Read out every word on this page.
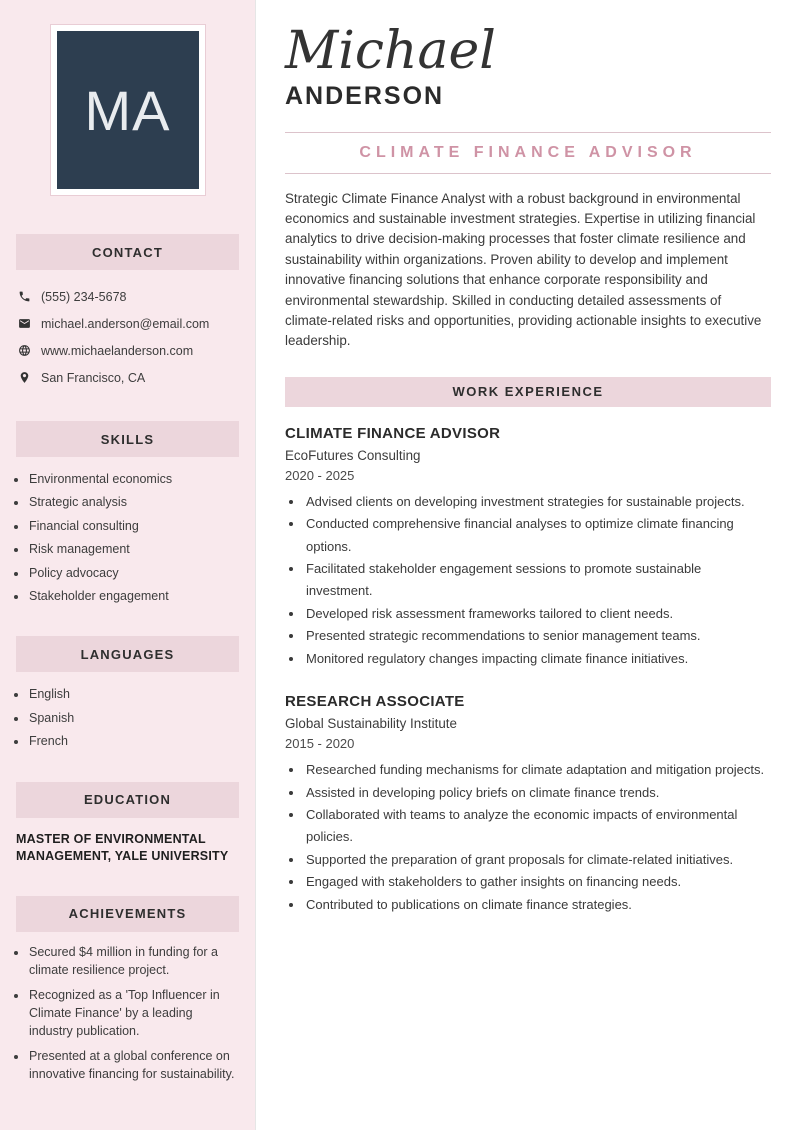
MA
CONTACT
(555) 234-5678
michael.anderson@email.com
www.michaelanderson.com
San Francisco, CA
SKILLS
• Environmental economics
• Strategic analysis
• Financial consulting
• Risk management
• Policy advocacy
• Stakeholder engagement
LANGUAGES
• English
• Spanish
• French
EDUCATION
MASTER OF ENVIRONMENTAL MANAGEMENT, YALE UNIVERSITY
ACHIEVEMENTS
• Secured $4 million in funding for a climate resilience project.
• Recognized as a 'Top Influencer in Climate Finance' by a leading industry publication.
• Presented at a global conference on innovative financing for sustainability.
Michael
ANDERSON
CLIMATE FINANCE ADVISOR

Strategic Climate Finance Analyst with a robust background in environmental economics and sustainable investment strategies. Expertise in utilizing financial analytics to drive decision-making processes that foster climate resilience and sustainability within organizations. Proven ability to develop and implement innovative financing solutions that enhance corporate responsibility and environmental stewardship. Skilled in conducting detailed assessments of climate-related risks and opportunities, providing actionable insights to executive leadership.

WORK EXPERIENCE
CLIMATE FINANCE ADVISOR
EcoFutures Consulting
2020 - 2025
• Advised clients on developing investment strategies for sustainable projects.
• Conducted comprehensive financial analyses to optimize climate financing options.
• Facilitated stakeholder engagement sessions to promote sustainable investment.
• Developed risk assessment frameworks tailored to client needs.
• Presented strategic recommendations to senior management teams.
• Monitored regulatory changes impacting climate finance initiatives.
RESEARCH ASSOCIATE
Global Sustainability Institute
2015 - 2020
• Researched funding mechanisms for climate adaptation and mitigation projects.
• Assisted in developing policy briefs on climate finance trends.
• Collaborated with teams to analyze the economic impacts of environmental policies.
• Supported the preparation of grant proposals for climate-related initiatives.
• Engaged with stakeholders to gather insights on financing needs.
• Contributed to publications on climate finance strategies.
